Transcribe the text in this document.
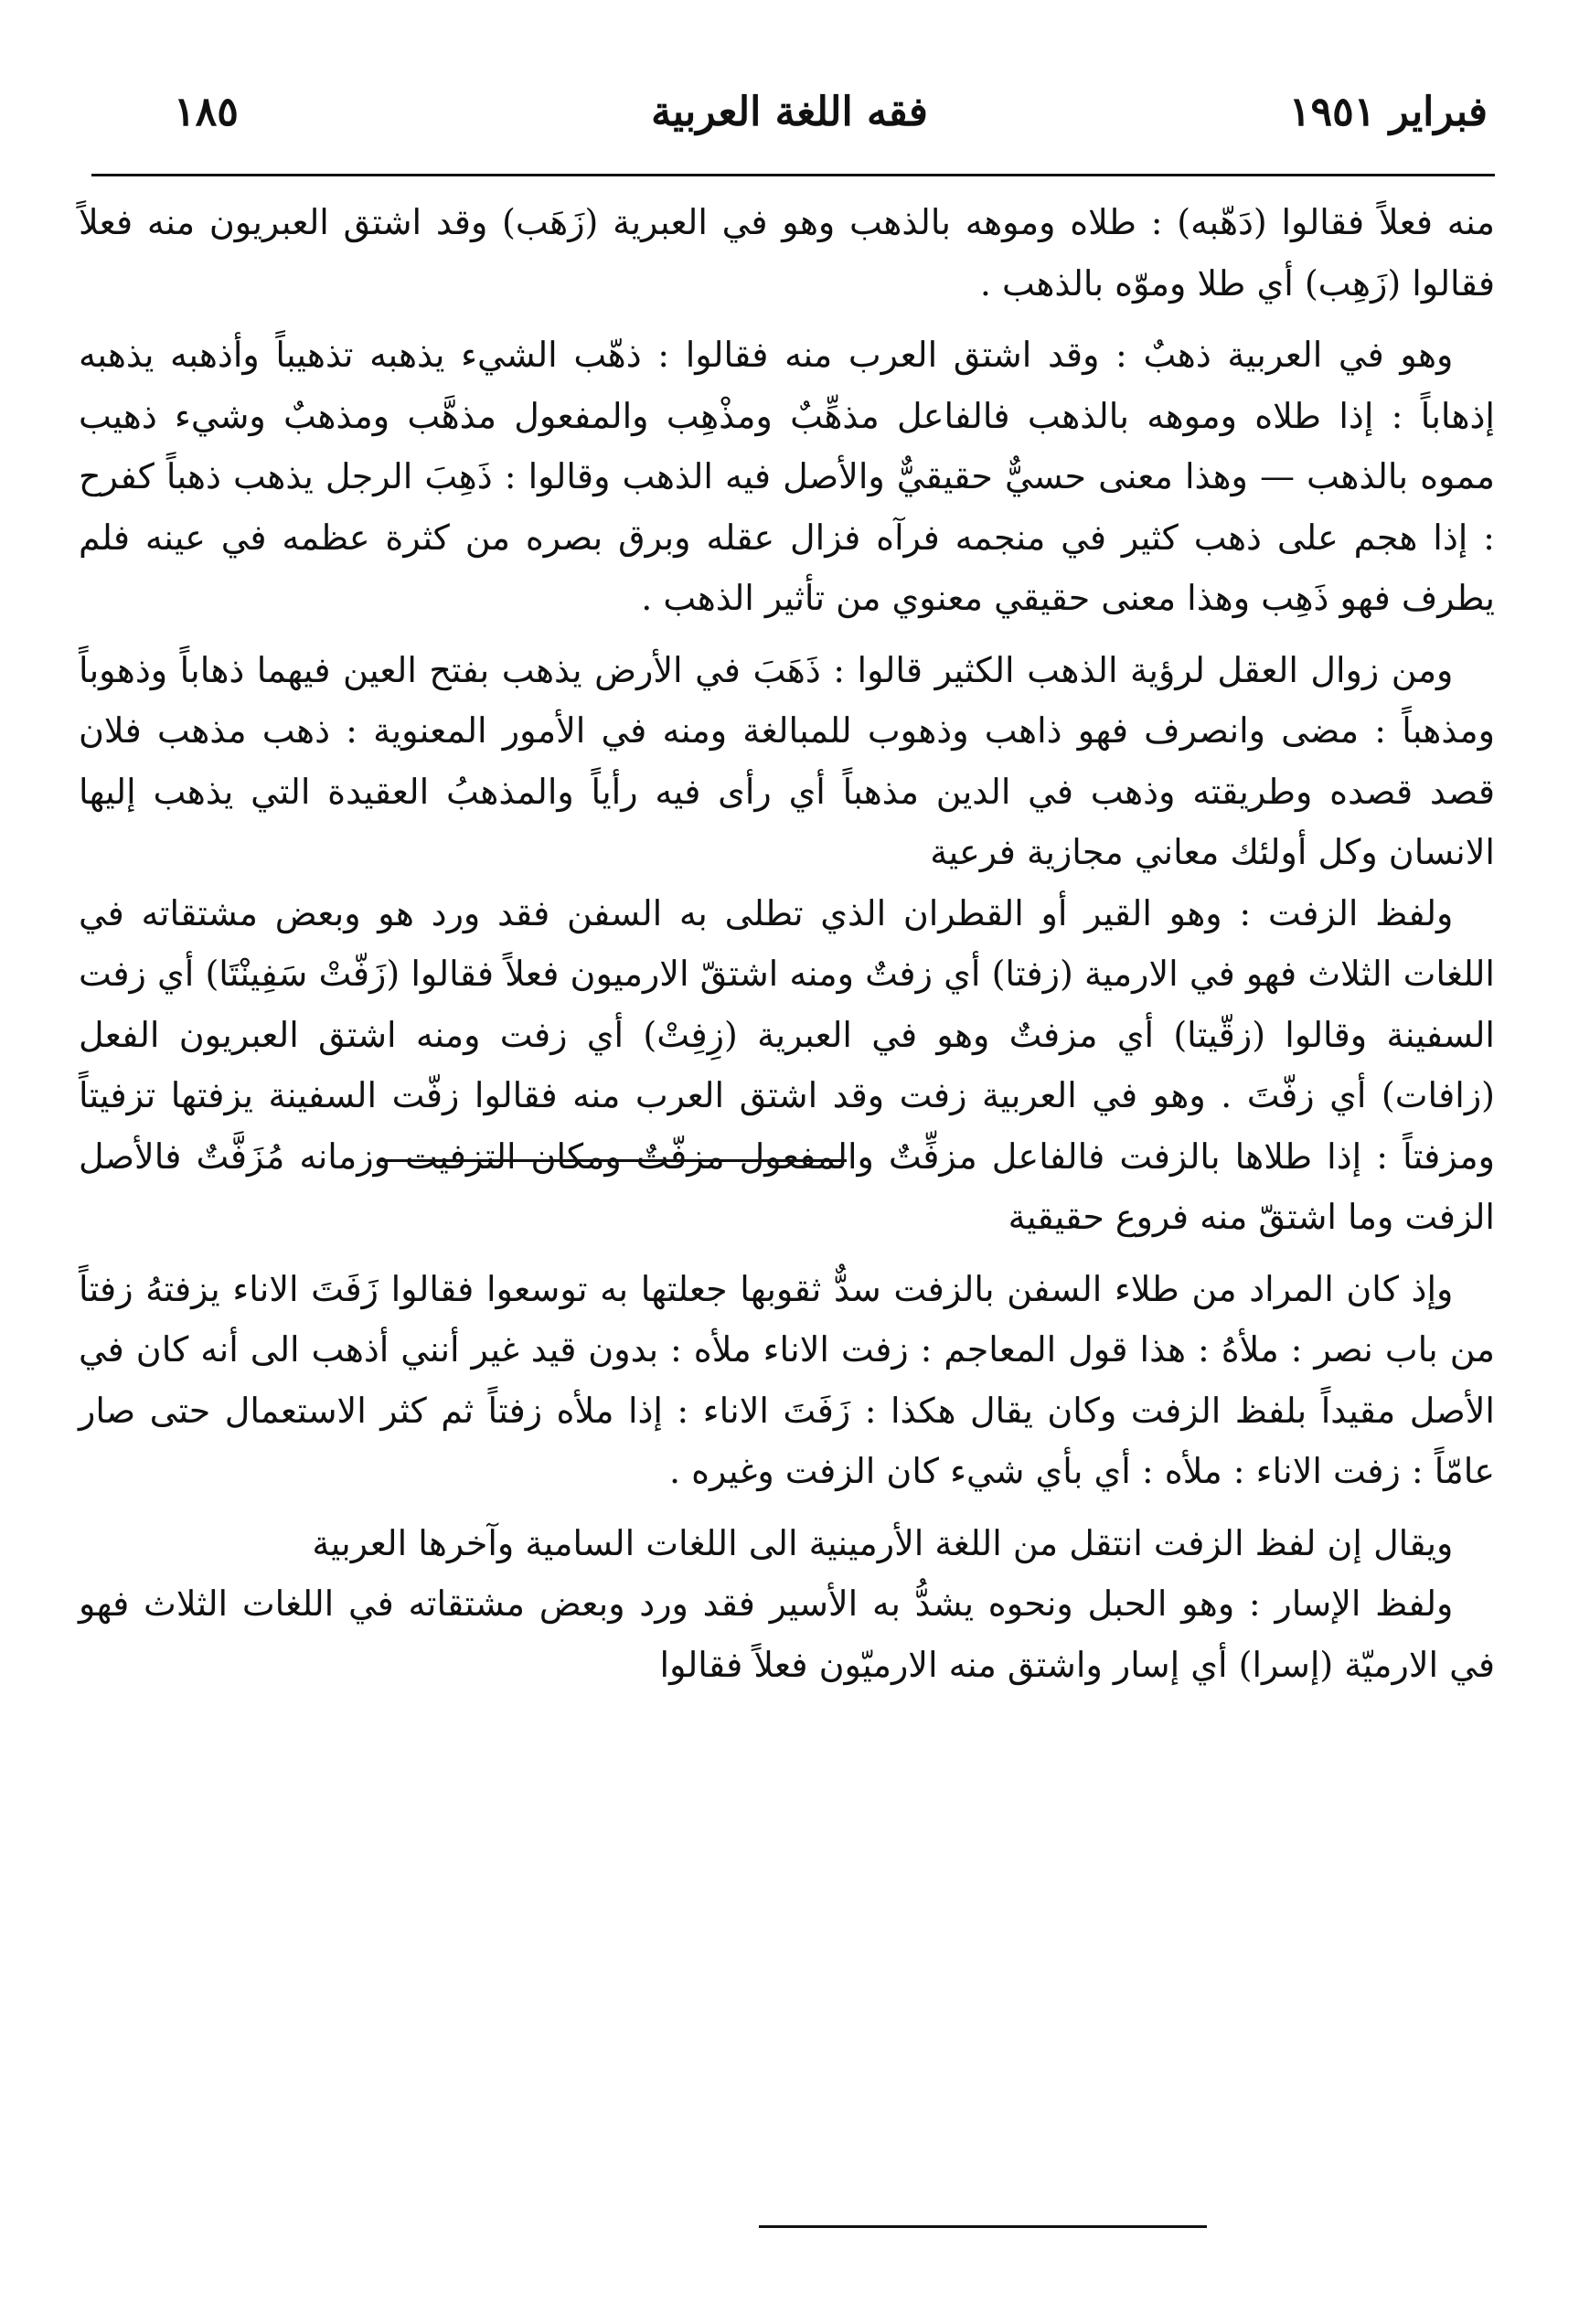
فبراير ١٩٥١
فقه اللغة العربية
١٨٥

منه فعلاً فقالوا (دَهّبه) : طلاه وموهه بالذهب وهو في العبرية (زَهَب) وقد اشتق العبريون منه فعلاً فقالوا (زَهِب) أي طلا وموّه بالذهب .

وهو في العربية ذهبٌ : وقد اشتق العرب منه فقالوا : ذهّب الشيء يذهبه تذهيباً وأذهبه يذهبه إذهاباً : إذا طلاه وموهه بالذهب فالفاعل مذهِّبٌ ومذْهِب والمفعول مذهَّب ومذهبٌ وشيء ذهيب مموه بالذهب — وهذا معنى حسيٌّ حقيقيٌّ والأصل فيه الذهب وقالوا : ذَهِبَ الرجل يذهب ذهباً كفرح : إذا هجم على ذهب كثير في منجمه فرآه فزال عقله وبرق بصره من كثرة عظمه في عينه فلم يطرف فهو ذَهِب وهذا معنى حقيقي معنوي من تأثير الذهب .

ومن زوال العقل لرؤية الذهب الكثير قالوا : ذَهَبَ في الأرض يذهب بفتح العين فيهما ذهاباً وذهوباً ومذهباً : مضى وانصرف فهو ذاهب وذهوب للمبالغة ومنه في الأمور المعنوية : ذهب مذهب فلان قصد قصده وطريقته وذهب في الدين مذهباً أي رأى فيه رأياً والمذهبُ العقيدة التي يذهب إليها الانسان وكل أولئك معاني مجازية فرعية

ولفظ الزفت : وهو القير أو القطران الذي تطلى به السفن فقد ورد هو وبعض مشتقاته في اللغات الثلاث فهو في الارمية (زفتا) أي زفتٌ ومنه اشتقّ الارميون فعلاً فقالوا (زَفّتْ سَفِينْتَا) أي زفت السفينة وقالوا (زقّيتا) أي مزفتٌ وهو في العبرية (زِفِتْ) أي زفت ومنه اشتق العبريون الفعل (زافات) أي زفّتَ . وهو في العربية زفت وقد اشتق العرب منه فقالوا زفّت السفينة يزفتها تزفيتاً ومزفتاً : إذا طلاها بالزفت فالفاعل مزفِّتٌ والمفعول مزفّتٌ ومكان التزفيت وزمانه مُزَفَّتٌ فالأصل الزفت وما اشتقّ منه فروع حقيقية

وإذ كان المراد من طلاء السفن بالزفت سدٌّ ثقوبها جعلتها به توسعوا فقالوا زَفَتَ الاناء يزفتهُ زفتاً من باب نصر : ملأهُ : هذا قول المعاجم : زفت الاناء ملأه : بدون قيد غير أنني أذهب الى أنه كان في الأصل مقيداً بلفظ الزفت وكان يقال هكذا : زَفَتَ الاناء : إذا ملأه زفتاً ثم كثر الاستعمال حتى صار عامّاً : زفت الاناء : ملأه : أي بأي شيء كان الزفت وغيره .

ويقال إن لفظ الزفت انتقل من اللغة الأرمينية الى اللغات السامية وآخرها العربية

ولفظ الإسار : وهو الحبل ونحوه يشدُّ به الأسير فقد ورد وبعض مشتقاته في اللغات الثلاث فهو في الارميّة (إسرا) أي إسار واشتق منه الارميّون فعلاً فقالوا
